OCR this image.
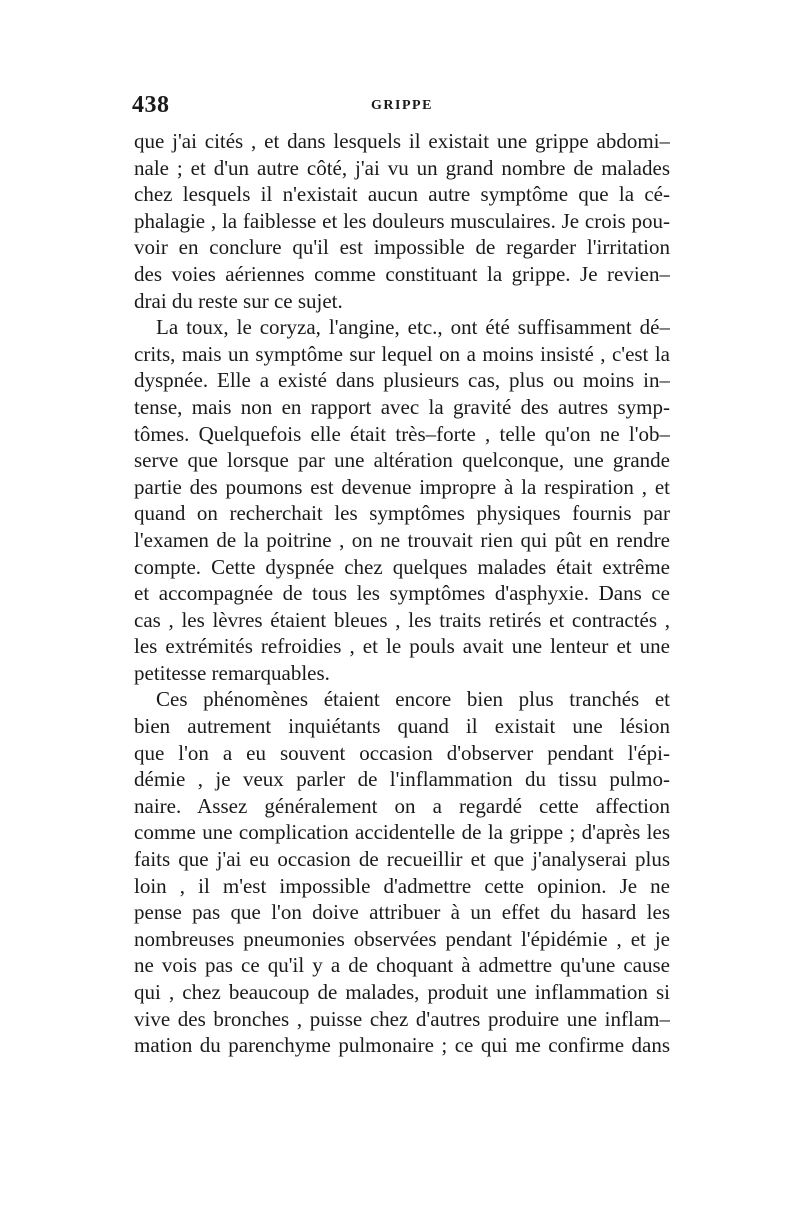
438	GRIPPE
que j'ai cités , et dans lesquels il existait une grippe abdomi–
nale ; et d'un autre côté, j'ai vu un grand nombre de malades
chez lesquels il n'existait aucun autre symptôme que la cé-
phalagie , la faiblesse et les douleurs musculaires. Je crois pou-
voir en conclure qu'il est impossible de regarder l'irritation
des voies aériennes comme constituant la grippe. Je revien–
drai du reste sur ce sujet.
La toux, le coryza, l'angine, etc., ont été suffisamment dé–
crits, mais un symptôme sur lequel on a moins insisté , c'est la
dyspnée. Elle a existé dans plusieurs cas, plus ou moins in–
tense, mais non en rapport avec la gravité des autres symp-
tômes. Quelquefois elle était très–forte , telle qu'on ne l'ob–
serve que lorsque par une altération quelconque, une grande
partie des poumons est devenue impropre à la respiration , et
quand on recherchait les symptômes physiques fournis par
l'examen de la poitrine , on ne trouvait rien qui pût en rendre
compte. Cette dyspnée chez quelques malades était extrême
et accompagnée de tous les symptômes d'asphyxie. Dans ce
cas , les lèvres étaient bleues , les traits retirés et contractés ,
les extrémités refroidies , et le pouls avait une lenteur et une
petitesse remarquables.
Ces phénomènes étaient encore bien plus tranchés et
bien autrement inquiétants quand il existait une lésion
que l'on a eu souvent occasion d'observer pendant l'épi-
démie , je veux parler de l'inflammation du tissu pulmo-
naire. Assez généralement on a regardé cette affection
comme une complication accidentelle de la grippe ; d'après les
faits que j'ai eu occasion de recueillir et que j'analyserai plus
loin , il m'est impossible d'admettre cette opinion. Je ne
pense pas que l'on doive attribuer à un effet du hasard les
nombreuses pneumonies observées pendant l'épidémie , et je
ne vois pas ce qu'il y a de choquant à admettre qu'une cause
qui , chez beaucoup de malades, produit une inflammation si
vive des bronches , puisse chez d'autres produire une inflam–
mation du parenchyme pulmonaire ; ce qui me confirme dans
